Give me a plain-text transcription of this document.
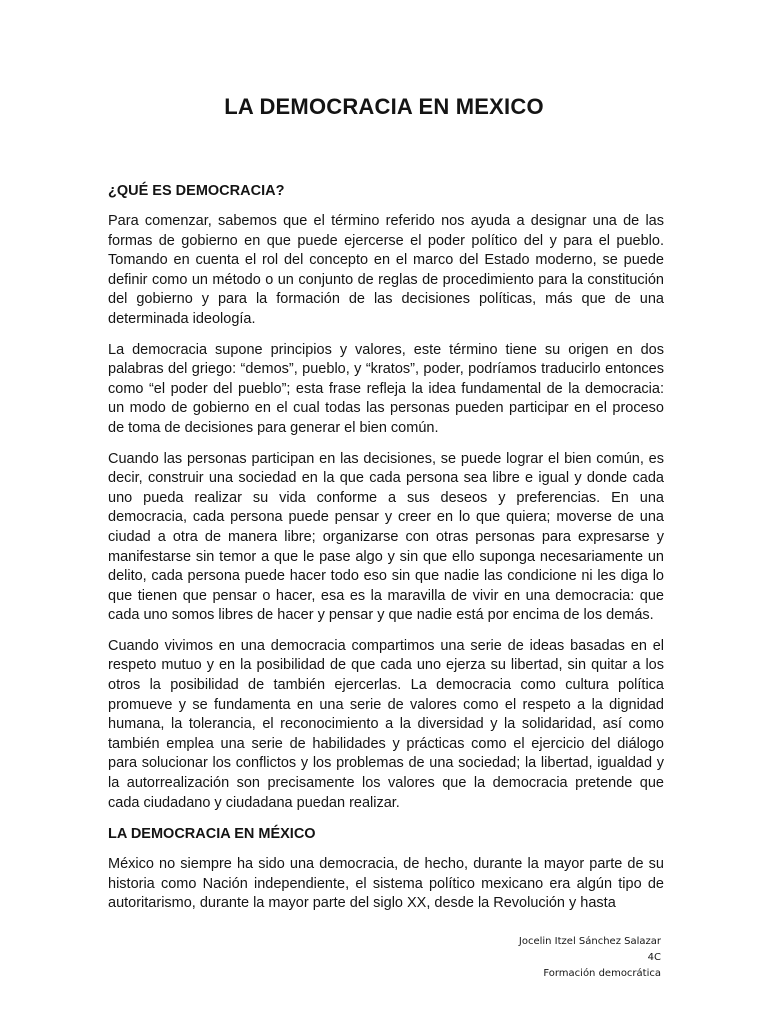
LA DEMOCRACIA EN MEXICO
¿QUÉ ES DEMOCRACIA?

Para comenzar, sabemos que el término referido nos ayuda a designar una de las formas de gobierno en que puede ejercerse el poder político del y para el pueblo. Tomando en cuenta el rol del concepto en el marco del Estado moderno, se puede definir como un método o un conjunto de reglas de procedimiento para la constitución del gobierno y para la formación de las decisiones políticas, más que de una determinada ideología.

La democracia supone principios y valores, este término tiene su origen en dos palabras del griego: “demos”, pueblo, y “kratos”, poder, podríamos traducirlo entonces como “el poder del pueblo”; esta frase refleja la idea fundamental de la democracia: un modo de gobierno en el cual todas las personas pueden participar en el proceso de toma de decisiones para generar el bien común.

Cuando las personas participan en las decisiones, se puede lograr el bien común, es decir, construir una sociedad en la que cada persona sea libre e igual y donde cada uno pueda realizar su vida conforme a sus deseos y preferencias. En una democracia, cada persona puede pensar y creer en lo que quiera; moverse de una ciudad a otra de manera libre; organizarse con otras personas para expresarse y manifestarse sin temor a que le pase algo y sin que ello suponga necesariamente un delito, cada persona puede hacer todo eso sin que nadie las condicione ni les diga lo que tienen que pensar o hacer, esa es la maravilla de vivir en una democracia: que cada uno somos libres de hacer y pensar y que nadie está por encima de los demás.

Cuando vivimos en una democracia compartimos una serie de ideas basadas en el respeto mutuo y en la posibilidad de que cada uno ejerza su libertad, sin quitar a los otros la posibilidad de también ejercerlas. La democracia como cultura política promueve y se fundamenta en una serie de valores como el respeto a la dignidad humana, la tolerancia, el reconocimiento a la diversidad y la solidaridad, así como también emplea una serie de habilidades y prácticas como el ejercicio del diálogo para solucionar los conflictos y los problemas de una sociedad; la libertad, igualdad y la autorrealización son precisamente los valores que la democracia pretende que cada ciudadano y ciudadana puedan realizar.

LA DEMOCRACIA EN MÉXICO

México no siempre ha sido una democracia, de hecho, durante la mayor parte de su historia como Nación independiente, el sistema político mexicano era algún tipo de autoritarismo, durante la mayor parte del siglo XX, desde la Revolución y hasta

Jocelin Itzel Sánchez Salazar
4C
Formación democrática
